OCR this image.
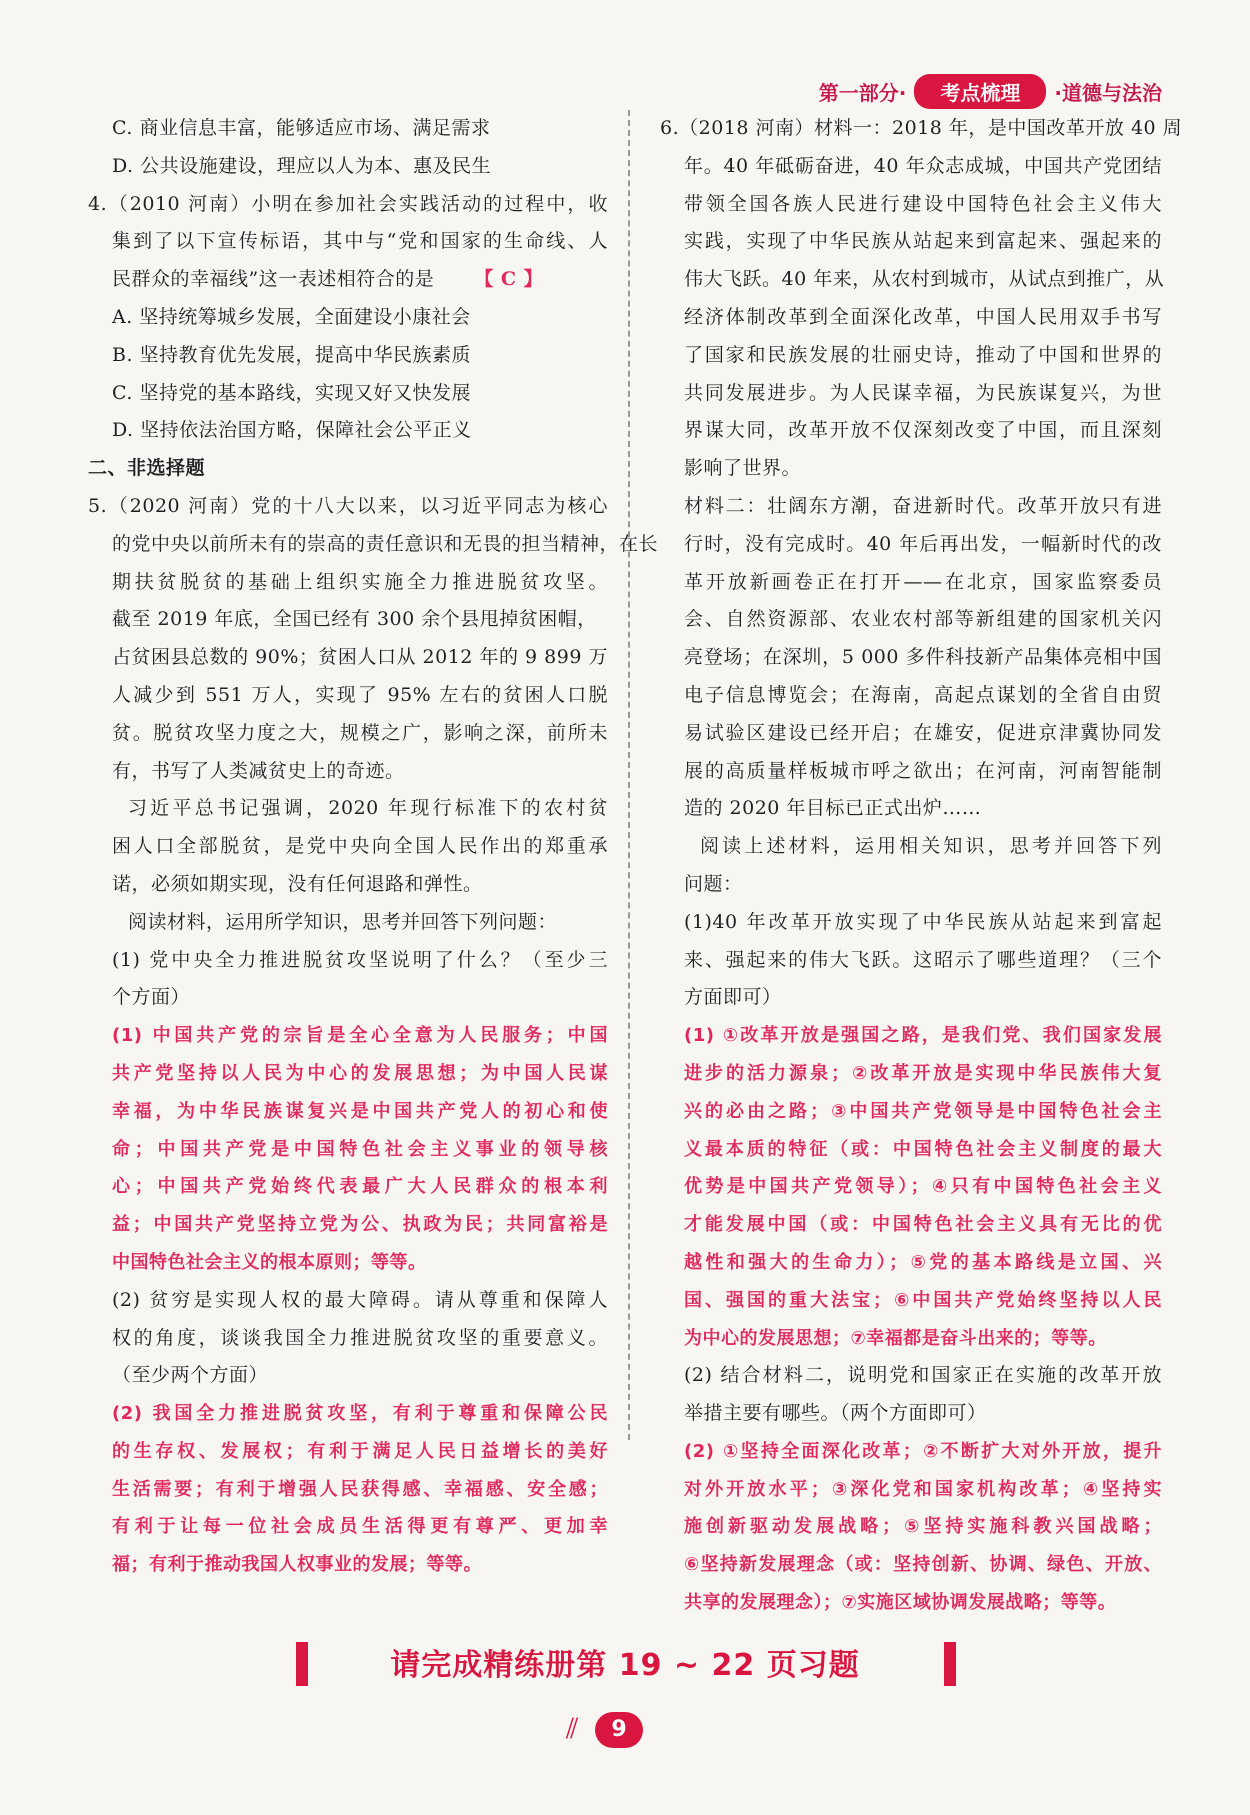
第一部分·	考点梳理	·道德与法治
C. 商业信息丰富，能够适应市场、满足需求
D. 公共设施建设，理应以人为本、惠及民生
4.（2010 河南）小明在参加社会实践活动的过程中，收
集到了以下宣传标语，其中与“党和国家的生命线、人
民群众的幸福线”这一表述相符合的是 【 C 】
A. 坚持统筹城乡发展，全面建设小康社会
B. 坚持教育优先发展，提高中华民族素质
C. 坚持党的基本路线，实现又好又快发展
D. 坚持依法治国方略，保障社会公平正义
二、非选择题
5.（2020 河南）党的十八大以来，以习近平同志为核心
的党中央以前所未有的崇高的责任意识和无畏的担当精神，在长
期扶贫脱贫的基础上组织实施全力推进脱贫攻坚。
截至 2019 年底，全国已经有 300 余个县甩掉贫困帽，
占贫困县总数的 90%；贫困人口从 2012 年的 9 899 万
人减少到 551 万人，实现了 95% 左右的贫困人口脱
贫。脱贫攻坚力度之大，规模之广，影响之深，前所未
有，书写了人类减贫史上的奇迹。
习近平总书记强调，2020 年现行标准下的农村贫
困人口全部脱贫，是党中央向全国人民作出的郑重承
诺，必须如期实现，没有任何退路和弹性。
阅读材料，运用所学知识，思考并回答下列问题：
(1) 党中央全力推进脱贫攻坚说明了什么？（至少三
个方面）
(1) 中国共产党的宗旨是全心全意为人民服务；中国
共产党坚持以人民为中心的发展思想；为中国人民谋
幸福，为中华民族谋复兴是中国共产党人的初心和使
命；中国共产党是中国特色社会主义事业的领导核
心；中国共产党始终代表最广大人民群众的根本利
益；中国共产党坚持立党为公、执政为民；共同富裕是
中国特色社会主义的根本原则；等等。
(2) 贫穷是实现人权的最大障碍。请从尊重和保障人
权的角度，谈谈我国全力推进脱贫攻坚的重要意义。
（至少两个方面）
(2) 我国全力推进脱贫攻坚，有利于尊重和保障公民
的生存权、发展权；有利于满足人民日益增长的美好
生活需要；有利于增强人民获得感、幸福感、安全感；
有利于让每一位社会成员生活得更有尊严、更加幸
福；有利于推动我国人权事业的发展；等等。
6.（2018 河南）材料一：2018 年，是中国改革开放 40 周
年。40 年砥砺奋进，40 年众志成城，中国共产党团结
带领全国各族人民进行建设中国特色社会主义伟大
实践，实现了中华民族从站起来到富起来、强起来的
伟大飞跃。40 年来，从农村到城市，从试点到推广，从
经济体制改革到全面深化改革，中国人民用双手书写
了国家和民族发展的壮丽史诗，推动了中国和世界的
共同发展进步。为人民谋幸福，为民族谋复兴，为世
界谋大同，改革开放不仅深刻改变了中国，而且深刻
影响了世界。
材料二：壮阔东方潮，奋进新时代。改革开放只有进
行时，没有完成时。40 年后再出发，一幅新时代的改
革开放新画卷正在打开——在北京，国家监察委员
会、自然资源部、农业农村部等新组建的国家机关闪
亮登场；在深圳，5 000 多件科技新产品集体亮相中国
电子信息博览会；在海南，高起点谋划的全省自由贸
易试验区建设已经开启；在雄安，促进京津冀协同发
展的高质量样板城市呼之欲出；在河南，河南智能制
造的 2020 年目标已正式出炉……
阅读上述材料，运用相关知识，思考并回答下列
问题：
(1)40 年改革开放实现了中华民族从站起来到富起
来、强起来的伟大飞跃。这昭示了哪些道理？（三个
方面即可）
(1) ①改革开放是强国之路，是我们党、我们国家发展
进步的活力源泉；②改革开放是实现中华民族伟大复
兴的必由之路；③中国共产党领导是中国特色社会主
义最本质的特征（或：中国特色社会主义制度的最大
优势是中国共产党领导）；④只有中国特色社会主义
才能发展中国（或：中国特色社会主义具有无比的优
越性和强大的生命力）；⑤党的基本路线是立国、兴
国、强国的重大法宝；⑥中国共产党始终坚持以人民
为中心的发展思想；⑦幸福都是奋斗出来的；等等。
(2) 结合材料二，说明党和国家正在实施的改革开放
举措主要有哪些。（两个方面即可）
(2) ①坚持全面深化改革；②不断扩大对外开放，提升
对外开放水平；③深化党和国家机构改革；④坚持实
施创新驱动发展战略；⑤坚持实施科教兴国战略；
⑥坚持新发展理念（或：坚持创新、协调、绿色、开放、
共享的发展理念）；⑦实施区域协调发展战略；等等。
请完成精练册第 19 ~ 22 页习题
⫽	9
